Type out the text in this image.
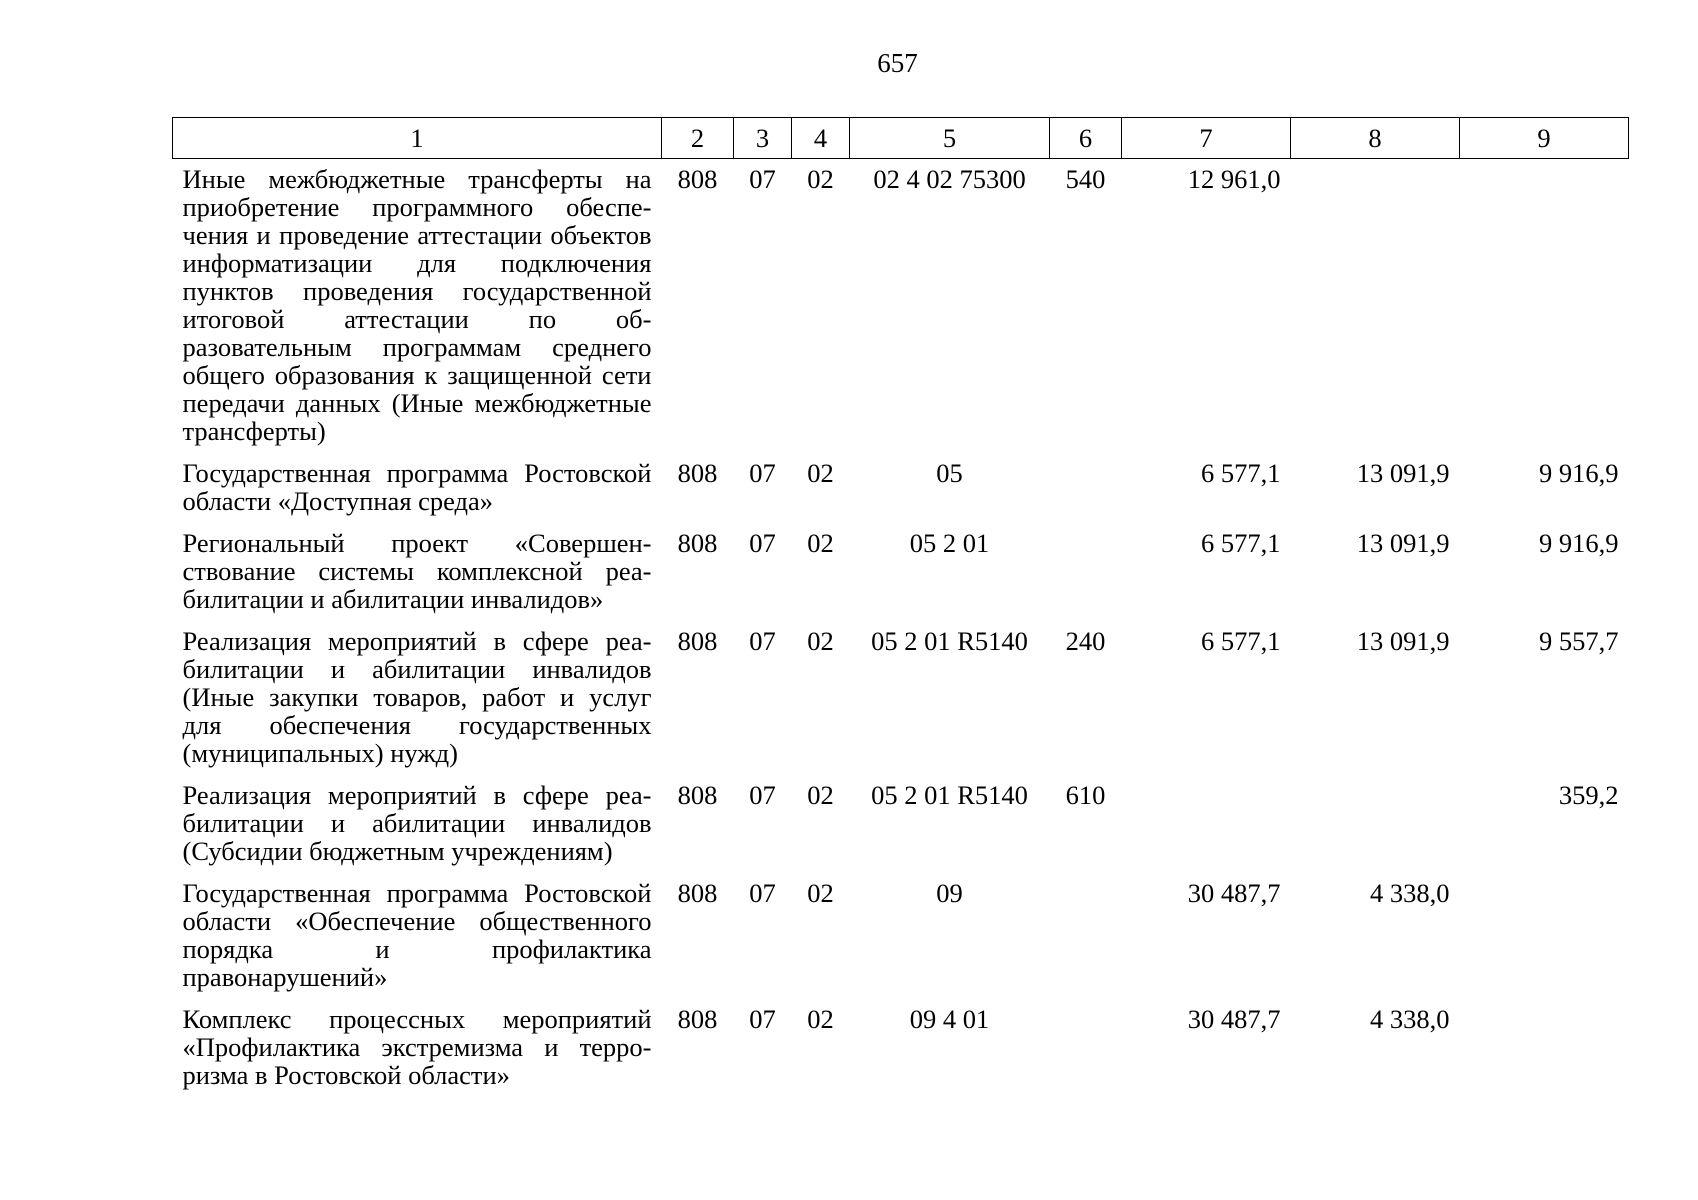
657
1	2	3	4	5	6	7	8	9
Иные межбюджетные трансферты на приобретение программного обеспечения и проведение аттестации объектов информатизации для подключения пунктов проведения государственной итоговой аттестации по образовательным программам среднего общего образования к защищенной сети передачи данных (Иные межбюджетные трансферты)	808	07	02	02 4 02 75300	540	12 961,0		
Государственная программа Ростовской области «Доступная среда»	808	07	02	05		6 577,1	13 091,9	9 916,9
Региональный проект «Совершенствование системы комплексной реабилитации и абилитации инвалидов»	808	07	02	05 2 01		6 577,1	13 091,9	9 916,9
Реализация мероприятий в сфере реабилитации и абилитации инвалидов (Иные закупки товаров, работ и услуг для обеспечения государственных (муниципальных) нужд)	808	07	02	05 2 01 R5140	240	6 577,1	13 091,9	9 557,7
Реализация мероприятий в сфере реабилитации и абилитации инвалидов (Субсидии бюджетным учреждениям)	808	07	02	05 2 01 R5140	610			359,2
Государственная программа Ростовской области «Обеспечение общественного порядка и профилактика правонарушений»	808	07	02	09		30 487,7	4 338,0	
Комплекс процессных мероприятий «Профилактика экстремизма и терроризма в Ростовской области»	808	07	02	09 4 01		30 487,7	4 338,0	
